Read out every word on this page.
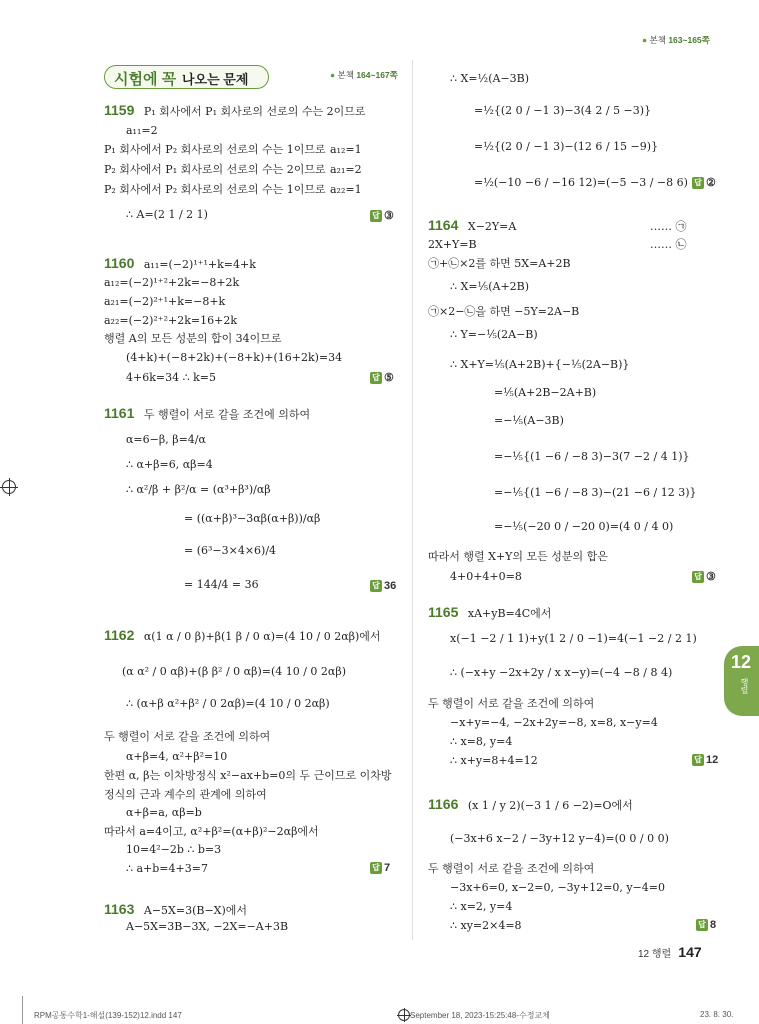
● 본책 163~165쪽
시험에 꼭 나오는 문제	● 본책 164~167쪽
1159 P₁ 회사에서 P₁ 회사로의 선로의 수는 2이므로
a₁₁=2
P₁ 회사에서 P₂ 회사로의 선로의 수는 1이므로 a₁₂=1
P₂ 회사에서 P₁ 회사로의 선로의 수는 2이므로 a₂₁=2
P₂ 회사에서 P₂ 회사로의 선로의 수는 1이므로 a₂₂=1
∴ A=(2 1 / 2 1)	답 ③
1160 a₁₁=(−2)¹⁺¹+k=4+k
a₁₂=(−2)¹⁺²+2k=−8+2k
a₂₁=(−2)²⁺¹+k=−8+k
a₂₂=(−2)²⁺²+2k=16+2k
행렬 A의 모든 성분의 합이 34이므로
(4+k)+(−8+2k)+(−8+k)+(16+2k)=34
4+6k=34 ∴ k=5	답 ⑤
1161 두 행렬이 서로 같을 조건에 의하여
α=6−β, β=4/α
∴ α+β=6, αβ=4
∴ α²/β + β²/α = (α³+β³)/αβ
= ((α+β)³−3αβ(α+β))/αβ
= (6³−3×4×6)/4
= 144/4 = 36	답 36
1162 α(1 α / 0 β)+β(1 β / 0 α)=(4 10 / 0 2αβ)에서
(α α² / 0 αβ)+(β β² / 0 αβ)=(4 10 / 0 2αβ)
∴ (α+β α²+β² / 0 2αβ)=(4 10 / 0 2αβ)
두 행렬이 서로 같을 조건에 의하여
α+β=4, α²+β²=10
한편 α, β는 이차방정식 x²−ax+b=0의 두 근이므로 이차방
정식의 근과 계수의 관계에 의하여
α+β=a, αβ=b
따라서 a=4이고, α²+β²=(α+β)²−2αβ에서
10=4²−2b ∴ b=3
∴ a+b=4+3=7	답 7
1163 A−5X=3(B−X)에서
A−5X=3B−3X, −2X=−A+3B
∴ X=½(A−3B)
=½{(2 0 / −1 3)−3(4 2 / 5 −3)}
=½{(2 0 / −1 3)−(12 6 / 15 −9)}
=½(−10 −6 / −16 12)=(−5 −3 / −8 6) 답 ②
1164 X−2Y=A	…… ㉠
2X+Y=B	…… ㉡
㉠+㉡×2를 하면 5X=A+2B
∴ X=⅕(A+2B)
㉠×2−㉡을 하면 −5Y=2A−B
∴ Y=−⅕(2A−B)
∴ X+Y=⅕(A+2B)+{−⅕(2A−B)}
=⅕(A+2B−2A+B)
=−⅕(A−3B)
=−⅕{(1 −6 / −8 3)−3(7 −2 / 4 1)}
=−⅕{(1 −6 / −8 3)−(21 −6 / 12 3)}
=−⅕(−20 0 / −20 0)=(4 0 / 4 0)
따라서 행렬 X+Y의 모든 성분의 합은
4+0+4+0=8	답 ③
1165 xA+yB=4C에서
x(−1 −2 / 1 1)+y(1 2 / 0 −1)=4(−1 −2 / 2 1)
∴ (−x+y −2x+2y / x x−y)=(−4 −8 / 8 4)
두 행렬이 서로 같을 조건에 의하여
−x+y=−4, −2x+2y=−8, x=8, x−y=4
∴ x=8, y=4
∴ x+y=8+4=12	답 12
1166 (x 1 / y 2)(−3 1 / 6 −2)=O에서
(−3x+6 x−2 / −3y+12 y−4)=(0 0 / 0 0)
두 행렬이 서로 같을 조건에 의하여
−3x+6=0, x−2=0, −3y+12=0, y−4=0
∴ x=2, y=4
∴ xy=2×4=8	답 8
12
행렬
12 행렬 147
RPM공통수학1-해설(139-152)12.indd 147	September 18, 2023-15:25:48-수정교체	23. 8. 30.
